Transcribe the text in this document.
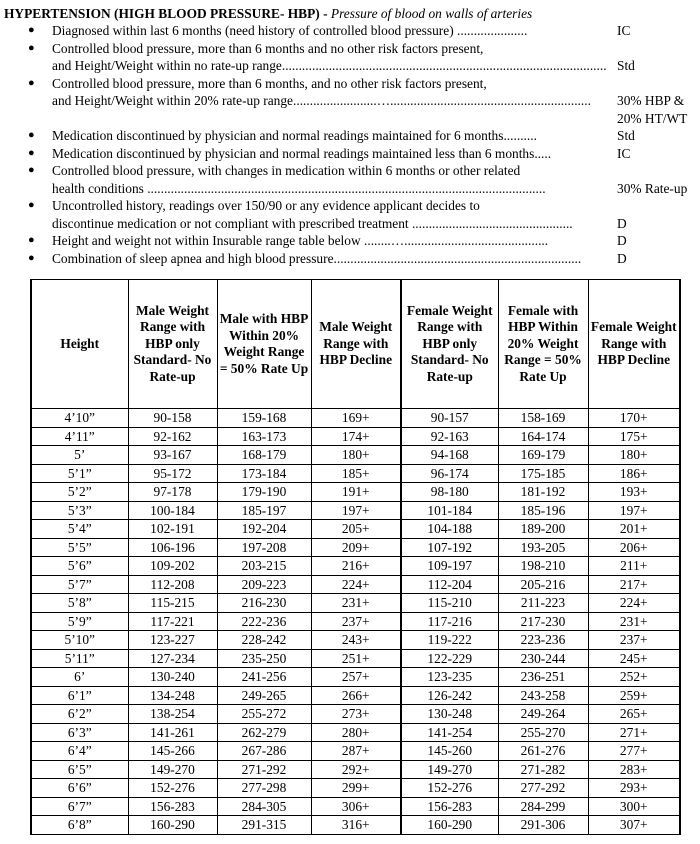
HYPERTENSION (HIGH BLOOD PRESSURE- HBP) - Pressure of blood on walls of arteries
● Diagnosed within last 6 months (need history of controlled blood pressure) .....................	IC
● Controlled blood pressure, more than 6 months and no other risk factors present,
and Height/Weight within no rate-up range................................................................................................. Std
● Controlled blood pressure, more than 6 months, and no other risk factors present,
and Height/Weight within 20% rate-up range.........................…............................................................	30% HBP &
20% HT/WT
● Medication discontinued by physician and normal readings maintained for 6 months..........	Std
● Medication discontinued by physician and normal readings maintained less than 6 months.....	IC
● Controlled blood pressure, with changes in medication within 6 months or other related
health conditions .......................................................................................................................	30% Rate-up
● Uncontrolled history, readings over 150/90 or any evidence applicant decides to
discontinue medication or not compliant with prescribed treatment ................................................	D
● Height and weight not within Insurable range table below ........…...........................................	D
● Combination of sleep apnea and high blood pressure..........................................................................	D
Height	Male Weight Range with HBP only Standard- No Rate-up	Male with HBP Within 20% Weight Range = 50% Rate Up	Male Weight Range with HBP Decline	Female Weight Range with HBP only Standard- No Rate-up	Female with HBP Within 20% Weight Range = 50% Rate Up	Female Weight Range with HBP Decline
4’10”	90-158	159-168	169+	90-157	158-169	170+
4’11”	92-162	163-173	174+	92-163	164-174	175+
5’	93-167	168-179	180+	94-168	169-179	180+
5’1”	95-172	173-184	185+	96-174	175-185	186+
5’2”	97-178	179-190	191+	98-180	181-192	193+
5’3”	100-184	185-197	197+	101-184	185-196	197+
5’4”	102-191	192-204	205+	104-188	189-200	201+
5’5”	106-196	197-208	209+	107-192	193-205	206+
5’6”	109-202	203-215	216+	109-197	198-210	211+
5’7”	112-208	209-223	224+	112-204	205-216	217+
5’8”	115-215	216-230	231+	115-210	211-223	224+
5’9”	117-221	222-236	237+	117-216	217-230	231+
5’10”	123-227	228-242	243+	119-222	223-236	237+
5’11”	127-234	235-250	251+	122-229	230-244	245+
6’	130-240	241-256	257+	123-235	236-251	252+
6’1”	134-248	249-265	266+	126-242	243-258	259+
6’2”	138-254	255-272	273+	130-248	249-264	265+
6’3”	141-261	262-279	280+	141-254	255-270	271+
6’4”	145-266	267-286	287+	145-260	261-276	277+
6’5”	149-270	271-292	292+	149-270	271-282	283+
6’6”	152-276	277-298	299+	152-276	277-292	293+
6’7”	156-283	284-305	306+	156-283	284-299	300+
6’8”	160-290	291-315	316+	160-290	291-306	307+
